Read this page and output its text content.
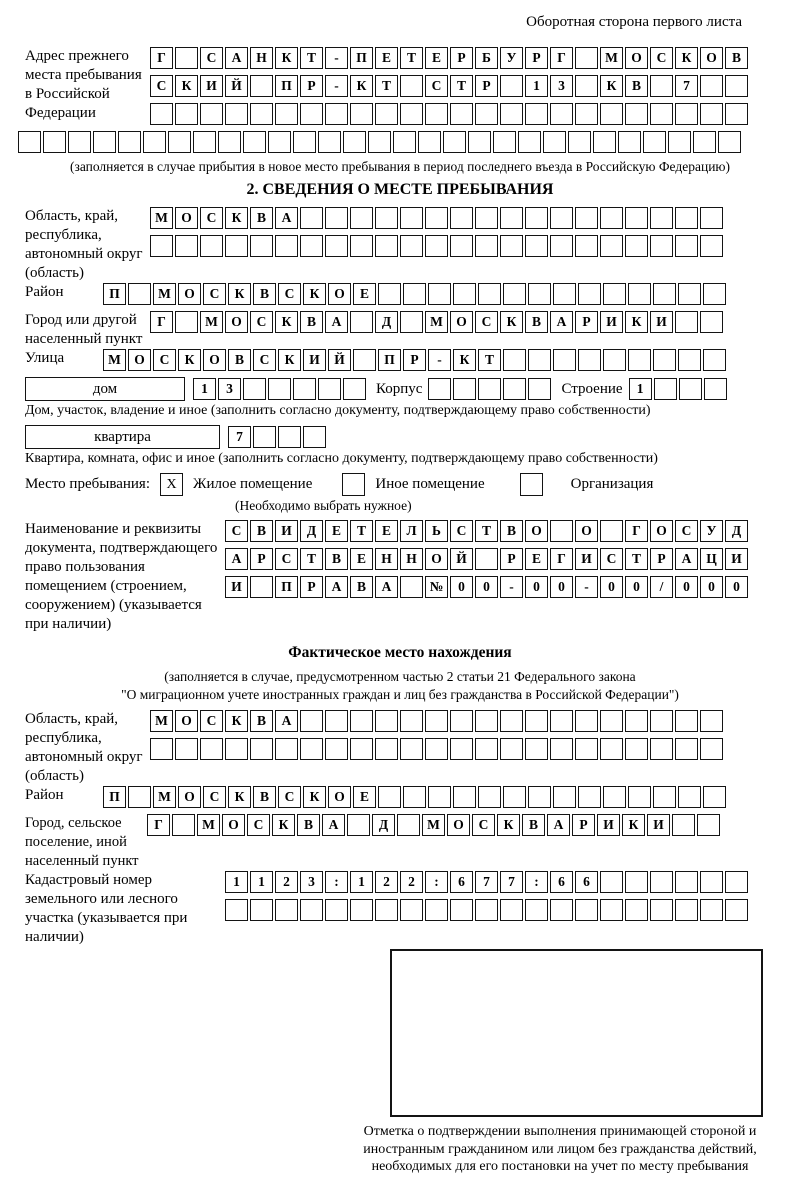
Оборотная сторона первого листа
Адрес прежнего места пребывания в Российской Федерации
Г	С	А	Н	К	Т	-	П	Е	Т	Е	Р	Б	У	Р	Г	М О	С	К	О	В
С	К	И	Й	П	Р	-	К	Т	С	Т	Р	1	3	К	В	7
(заполняется в случае прибытия в новое место пребывания в период последнего въезда в Российскую Федерацию)
2. СВЕДЕНИЯ О МЕСТЕ ПРЕБЫВАНИЯ
Область, край, республика, автономный округ (область)
М О	С	К	В	А
Район	П	М О	С	К	В	С	К	О	Е
Город или другой населенный пункт
Г	М О	С	К	В	А	Д	М О	С	К	В	А	Р	И	К	И
Улица	М О	С	К	О	В	С	К	И	Й	П	Р	-	К	Т
дом	1	3	Корпус	Строение	1
Дом, участок, владение и иное (заполнить согласно документу, подтверждающему право собственности)
квартира	7
Квартира, комната, офис и иное (заполнить согласно документу, подтверждающему право собственности)
Место пребывания:	X	Жилое помещение	Иное помещение	Организация
(Необходимо выбрать нужное)
Наименование и реквизиты документа, подтверждающего право пользования помещением (строением, сооружением) (указывается при наличии)
С	В	И	Д	Е	Т	Е	Л	Ь	С	Т	В	О	О	Г	О	С	У	Д
А	Р	С	Т	В	Е	Н	Н	О	Й	Р	Е	Г	И	С	Т	Р	А	Ц	И
И	П	Р	А	В	А	№	0	0	-	0	0	-	0	0	/	0	0	0
Фактическое место нахождения
(заполняется в случае, предусмотренном частью 2 статьи 21 Федерального закона
"О миграционном учете иностранных граждан и лиц без гражданства в Российской Федерации")
Область, край, республика, автономный округ (область)
М О	С	К	В	А
Район	П	М О	С	К	В	С	К	О	Е
Город, сельское поселение, иной населенный пункт
Г	М О	С	К	В	А	Д	М О	С	К	В	А	Р	И	К	И
Кадастровый номер земельного или лесного участка (указывается при наличии)
1	1	2	3	:	1	2	2	:	6	7	7	:	6	6
Отметка о подтверждении выполнения принимающей стороной и иностранным гражданином или лицом без гражданства действий, необходимых для его постановки на учет по месту пребывания
